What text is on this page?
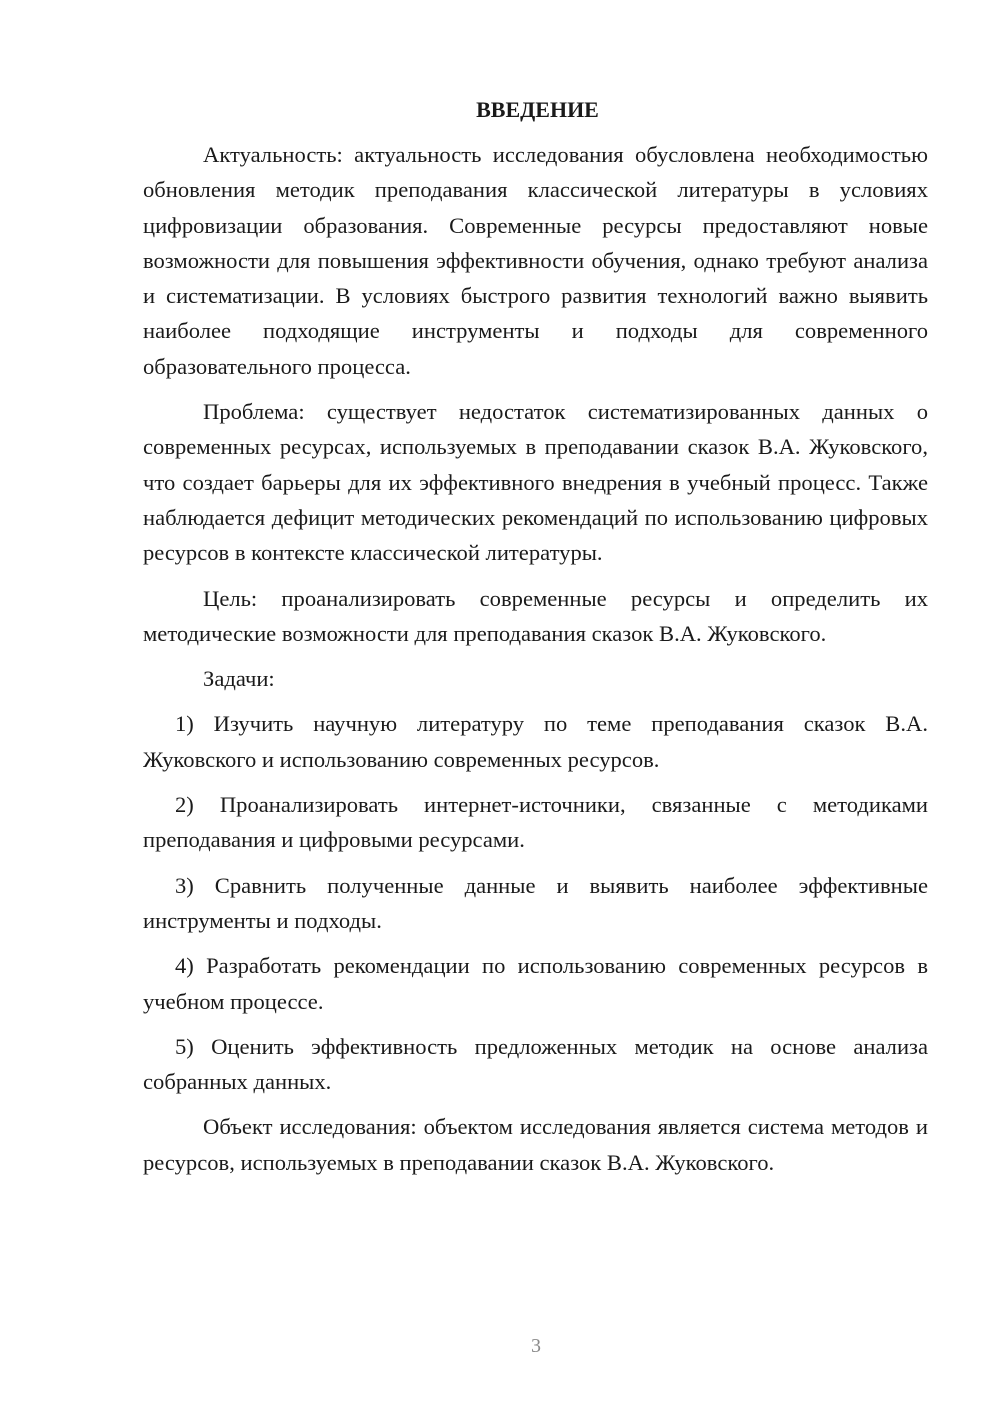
ВВЕДЕНИЕ

Актуальность: актуальность исследования обусловлена необходимостью обновления методик преподавания классической литературы в условиях цифровизации образования. Современные ресурсы предоставляют новые возможности для повышения эффективности обучения, однако требуют анализа и систематизации. В условиях быстрого развития технологий важно выявить наиболее подходящие инструменты и подходы для современного образовательного процесса.

Проблема: существует недостаток систематизированных данных о современных ресурсах, используемых в преподавании сказок В.А. Жуковского, что создает барьеры для их эффективного внедрения в учебный процесс. Также наблюдается дефицит методических рекомендаций по использованию цифровых ресурсов в контексте классической литературы.

Цель: проанализировать современные ресурсы и определить их методические возможности для преподавания сказок В.А. Жуковского.

Задачи:

1) Изучить научную литературу по теме преподавания сказок В.А. Жуковского и использованию современных ресурсов.

2) Проанализировать интернет-источники, связанные с методиками преподавания и цифровыми ресурсами.

3) Сравнить полученные данные и выявить наиболее эффективные инструменты и подходы.

4) Разработать рекомендации по использованию современных ресурсов в учебном процессе.

5) Оценить эффективность предложенных методик на основе анализа собранных данных.

Объект исследования: объектом исследования является система методов и ресурсов, используемых в преподавании сказок В.А. Жуковского.

3
